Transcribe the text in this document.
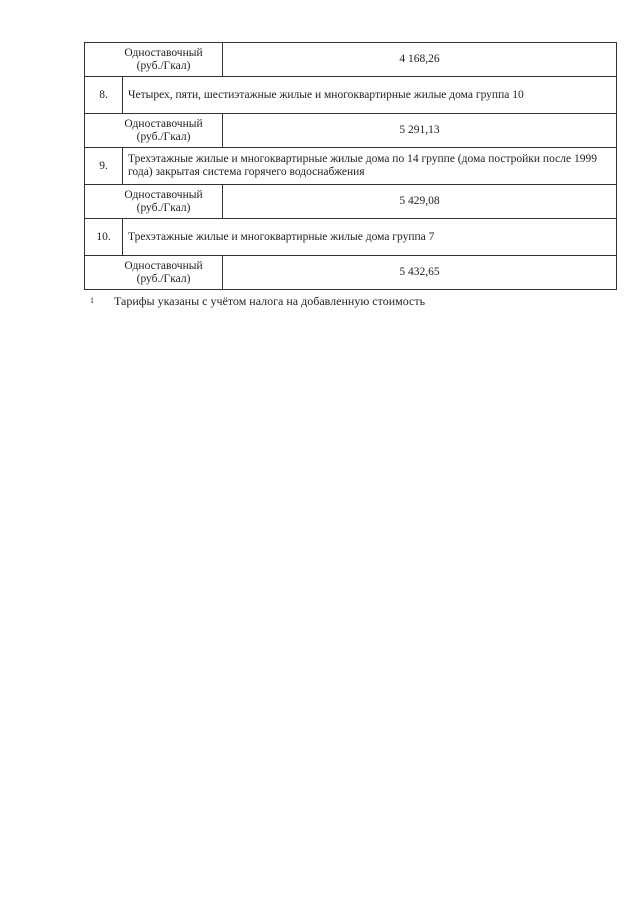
Одноставочный
(руб./Гкал)		4 168,26
8.	Четырех, пяти, шестиэтажные жилые и многоквартирные жилые дома группа 10	

Одноставочный
(руб./Гкал)		5 291,13
9.	Трехэтажные жилые и многоквартирные жилые дома по 14 группе (дома постройки после 1999 года) закрытая система горячего водоснабжения	

Одноставочный
(руб./Гкал)		5 429,08
10.	Трехэтажные жилые и многоквартирные жилые дома группа 7	

Одноставочный
(руб./Гкал)		5 432,65
1 Тарифы указаны с учётом налога на добавленную стоимость
